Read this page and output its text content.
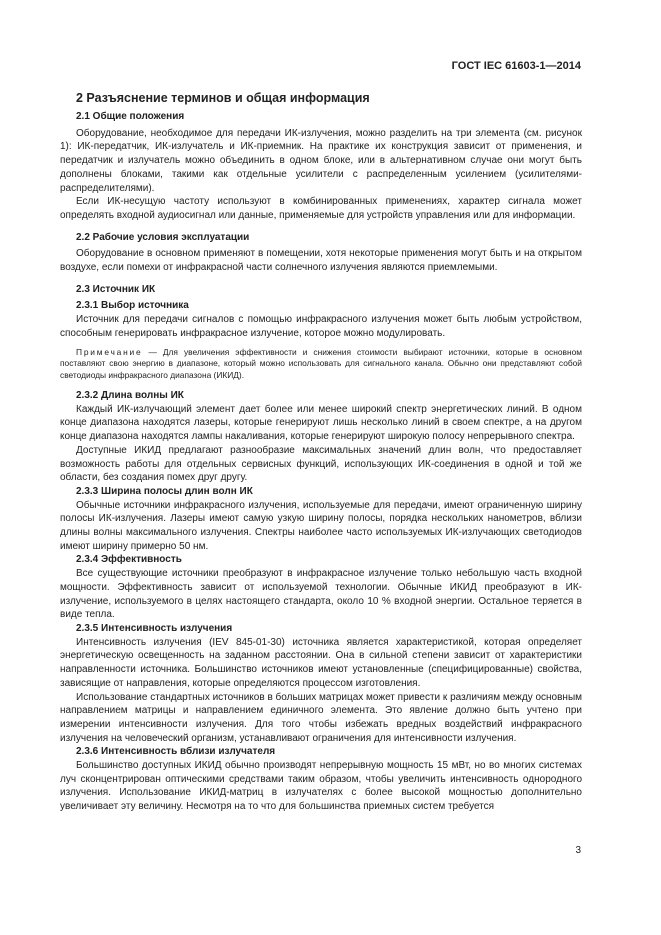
ГОСТ IEC 61603-1—2014
2 Разъяснение терминов и общая информация
2.1 Общие положения

Оборудование, необходимое для передачи ИК-излучения, можно разделить на три элемента (см. рисунок 1): ИК-передатчик, ИК-излучатель и ИК-приемник. На практике их конструкция зависит от применения, и передатчик и излучатель можно объединить в одном блоке, или в альтернативном случае они могут быть дополнены блоками, такими как отдельные усилители с распределенным усилением (усилителями-распределителями).

Если ИК-несущую частоту используют в комбинированных применениях, характер сигнала может определять входной аудиосигнал или данные, применяемые для устройств управления или для информации.

2.2 Рабочие условия эксплуатации

Оборудование в основном применяют в помещении, хотя некоторые применения могут быть и на открытом воздухе, если помехи от инфракрасной части солнечного излучения являются приемлемыми.

2.3 Источник ИК
2.3.1 Выбор источника

Источник для передачи сигналов с помощью инфракрасного излучения может быть любым устройством, способным генерировать инфракрасное излучение, которое можно модулировать.

Примечание — Для увеличения эффективности и снижения стоимости выбирают источники, которые в основном поставляют свою энергию в диапазоне, который можно использовать для сигнального канала. Обычно они представляют собой светодиоды инфракрасного диапазона (ИКИД).

2.3.2 Длина волны ИК

Каждый ИК-излучающий элемент дает более или менее широкий спектр энергетических линий. В одном конце диапазона находятся лазеры, которые генерируют лишь несколько линий в своем спектре, а на другом конце диапазона находятся лампы накаливания, которые генерируют широкую полосу непрерывного спектра.

Доступные ИКИД предлагают разнообразие максимальных значений длин волн, что предоставляет возможность работы для отдельных сервисных функций, использующих ИК-соединения в одной и той же области, без создания помех друг другу.

2.3.3 Ширина полосы длин волн ИК

Обычные источники инфракрасного излучения, используемые для передачи, имеют ограниченную ширину полосы ИК-излучения. Лазеры имеют самую узкую ширину полосы, порядка нескольких нанометров, вблизи длины волны максимального излучения. Спектры наиболее часто используемых ИК-излучающих светодиодов имеют ширину примерно 50 нм.

2.3.4 Эффективность

Все существующие источники преобразуют в инфракрасное излучение только небольшую часть входной мощности. Эффективность зависит от используемой технологии. Обычные ИКИД преобразуют в ИК-излучение, используемого в целях настоящего стандарта, около 10 % входной энергии. Остальное теряется в виде тепла.

2.3.5 Интенсивность излучения

Интенсивность излучения (IEV 845-01-30) источника является характеристикой, которая определяет энергетическую освещенность на заданном расстоянии. Она в сильной степени зависит от характеристики направленности источника. Большинство источников имеют установленные (специфицированные) свойства, зависящие от направления, которые определяются процессом изготовления.

Использование стандартных источников в больших матрицах может привести к различиям между основным направлением матрицы и направлением единичного элемента. Это явление должно быть учтено при измерении интенсивности излучения. Для того чтобы избежать вредных воздействий инфракрасного излучения на человеческий организм, устанавливают ограничения для интенсивности излучения.

2.3.6 Интенсивность вблизи излучателя

Большинство доступных ИКИД обычно производят непрерывную мощность 15 мВт, но во многих системах луч сконцентрирован оптическими средствами таким образом, чтобы увеличить интенсивность однородного излучения. Использование ИКИД-матриц в излучателях с более высокой мощностью дополнительно увеличивает эту величину. Несмотря на то что для большинства приемных систем требуется

3
